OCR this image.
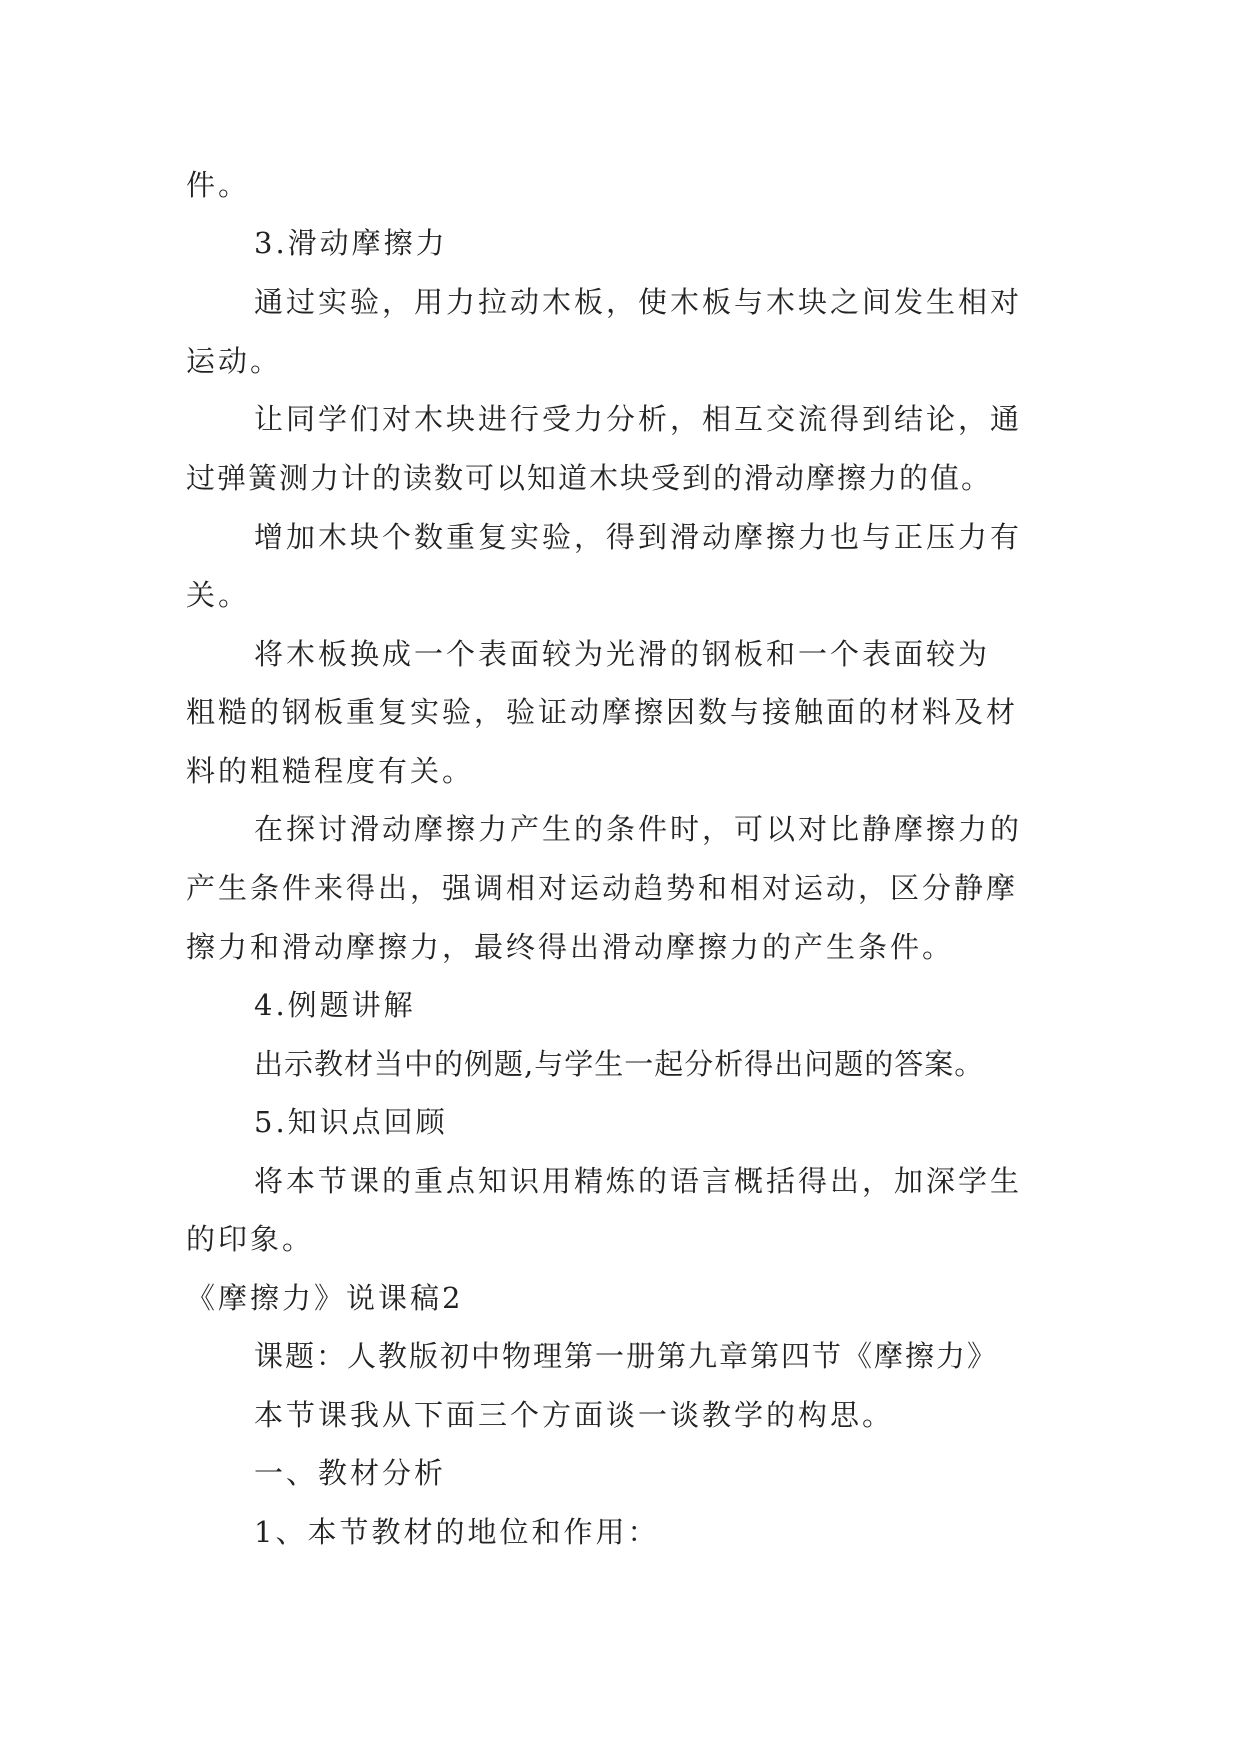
件。
3.滑动摩擦力
通过实验，用力拉动木板，使木板与木块之间发生相对
运动。
让同学们对木块进行受力分析，相互交流得到结论，通
过弹簧测力计的读数可以知道木块受到的滑动摩擦力的值。
增加木块个数重复实验，得到滑动摩擦力也与正压力有
关。
将木板换成一个表面较为光滑的钢板和一个表面较为
粗糙的钢板重复实验，验证动摩擦因数与接触面的材料及材
料的粗糙程度有关。
在探讨滑动摩擦力产生的条件时，可以对比静摩擦力的
产生条件来得出，强调相对运动趋势和相对运动，区分静摩
擦力和滑动摩擦力，最终得出滑动摩擦力的产生条件。
4.例题讲解
出示教材当中的例题,与学生一起分析得出问题的答案。
5.知识点回顾
将本节课的重点知识用精炼的语言概括得出，加深学生
的印象。
《摩擦力》说课稿2
课题：人教版初中物理第一册第九章第四节《摩擦力》
本节课我从下面三个方面谈一谈教学的构思。
一、教材分析
1、本节教材的地位和作用：
